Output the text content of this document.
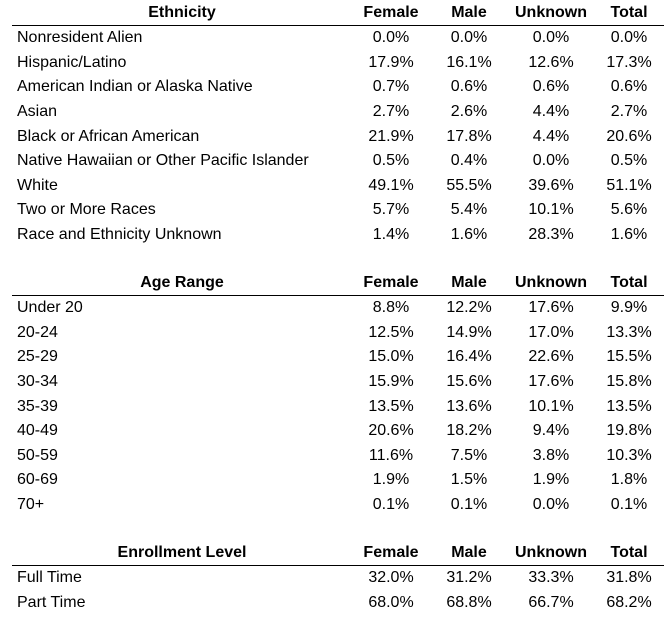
Ethnicity	Female	Male	Unknown	Total
Nonresident Alien	0.0%	0.0%	0.0%	0.0%
Hispanic/Latino	17.9%	16.1%	12.6%	17.3%
American Indian or Alaska Native	0.7%	0.6%	0.6%	0.6%
Asian	2.7%	2.6%	4.4%	2.7%
Black or African American	21.9%	17.8%	4.4%	20.6%
Native Hawaiian or Other Pacific Islander	0.5%	0.4%	0.0%	0.5%
White	49.1%	55.5%	39.6%	51.1%
Two or More Races	5.7%	5.4%	10.1%	5.6%
Race and Ethnicity Unknown	1.4%	1.6%	28.3%	1.6%
Age Range	Female	Male	Unknown	Total
Under 20	8.8%	12.2%	17.6%	9.9%
20-24	12.5%	14.9%	17.0%	13.3%
25-29	15.0%	16.4%	22.6%	15.5%
30-34	15.9%	15.6%	17.6%	15.8%
35-39	13.5%	13.6%	10.1%	13.5%
40-49	20.6%	18.2%	9.4%	19.8%
50-59	11.6%	7.5%	3.8%	10.3%
60-69	1.9%	1.5%	1.9%	1.8%
70+	0.1%	0.1%	0.0%	0.1%
Enrollment Level	Female	Male	Unknown	Total
Full Time	32.0%	31.2%	33.3%	31.8%
Part Time	68.0%	68.8%	66.7%	68.2%
